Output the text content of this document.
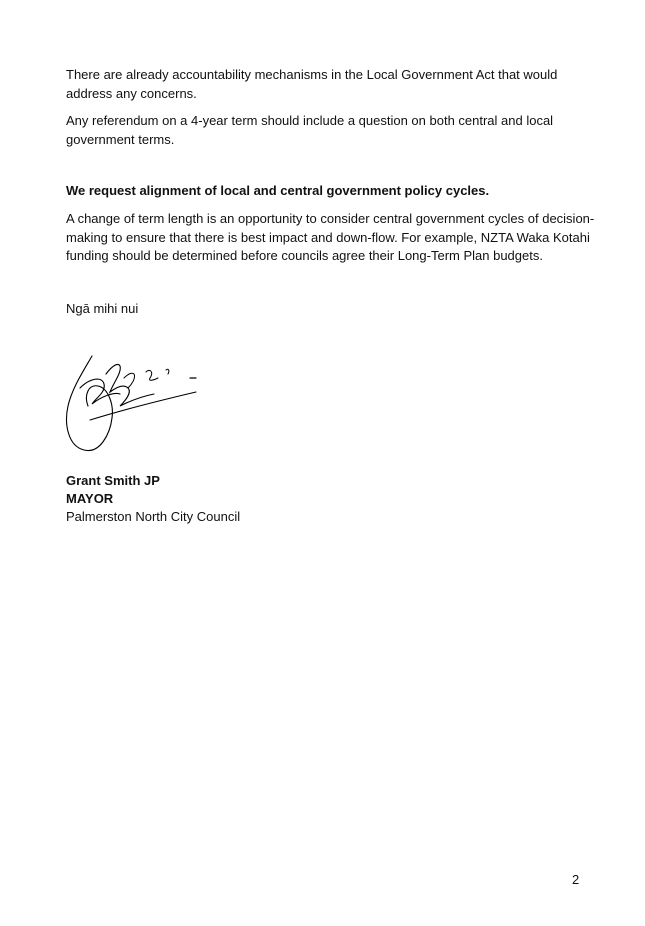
There are already accountability mechanisms in the Local Government Act that would address any concerns.

Any referendum on a 4-year term should include a question on both central and local government terms.

We request alignment of local and central government policy cycles.

A change of term length is an opportunity to consider central government cycles of decision-making to ensure that there is best impact and down-flow. For example, NZTA Waka Kotahi funding should be determined before councils agree their Long-Term Plan budgets.

Ngā mihi nui

Grant Smith JP
MAYOR
Palmerston North City Council
2
